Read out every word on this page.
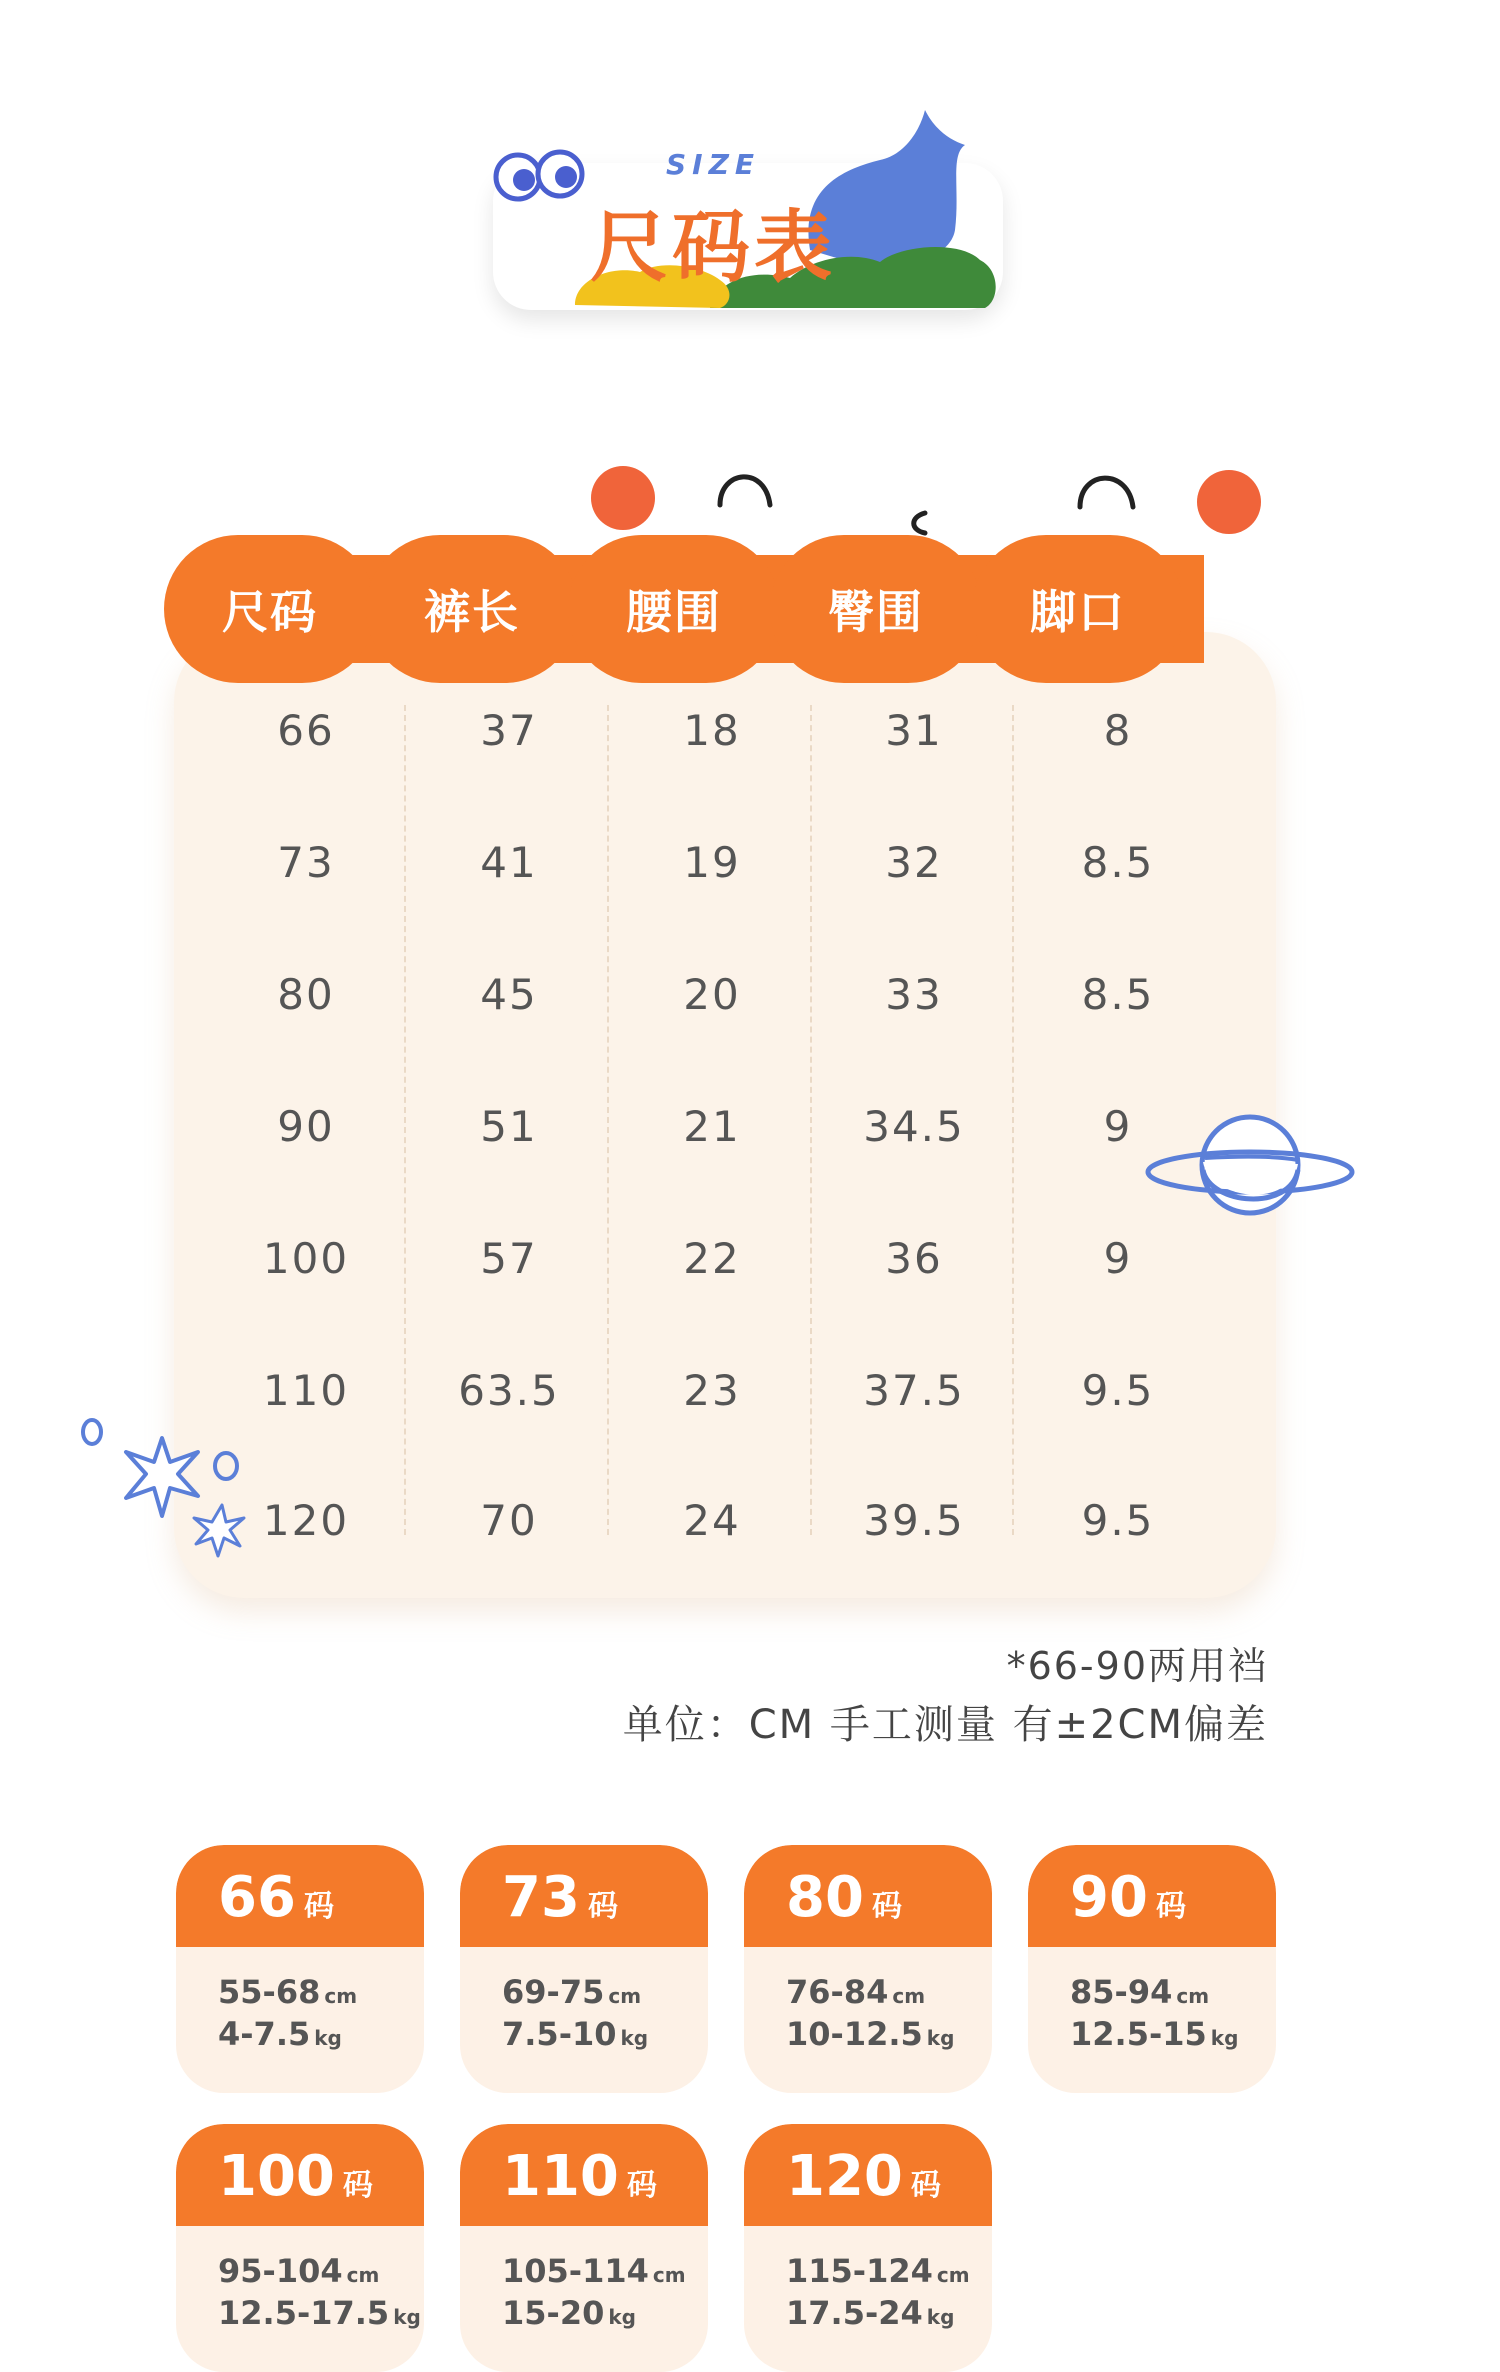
SIZE
尺码表
尺码	裤长	腰围	臀围	脚口
66	37	18	31	8
73	41	19	32	8.5
80	45	20	33	8.5
90	51	21	34.5	9
100	57	22	36	9
110	63.5	23	37.5	9.5
120	70	24	39.5	9.5
*66-90两用裆
单位：CM 手工测量 有±2CM偏差
66 码
55-68 cm
4-7.5 kg
73 码
69-75 cm
7.5-10 kg
80 码
76-84 cm
10-12.5 kg
90 码
85-94 cm
12.5-15 kg
100 码
95-104 cm
12.5-17.5 kg
110 码
105-114 cm
15-20 kg
120 码
115-124 cm
17.5-24 kg
